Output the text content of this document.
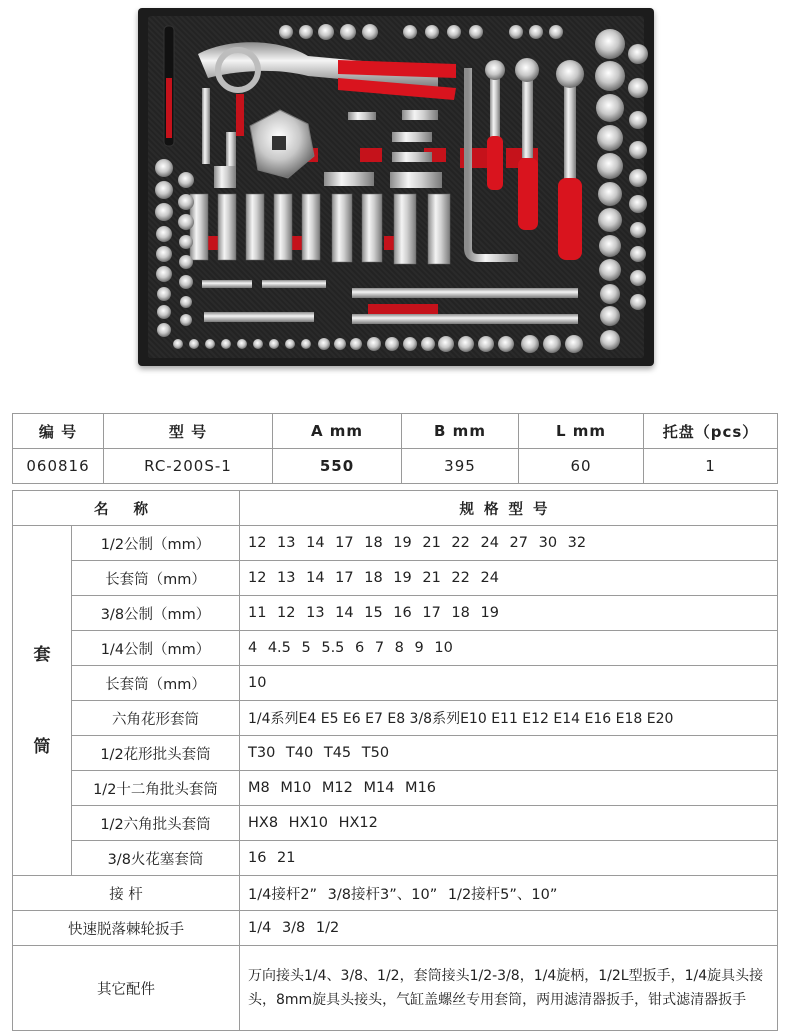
编 号	型 号	A mm	B mm	L mm	托盘（pcs）
060816	RC-200S-1	550	395	60	1
名 称		规格型号

套
筒	1/2公制（mm）	12 13 14 17 18 19 21 22 24 27 30 32
	长套筒（mm）	12 13 14 17 18 19 21 22 24
	3/8公制（mm）	11 12 13 14 15 16 17 18 19
	1/4公制（mm）	4 4.5 5 5.5 6 7 8 9 10
	长套筒（mm）	10
	六角花形套筒	1/4系列E4 E5 E6 E7 E8 3/8系列E10 E11 E12 E14 E16 E18 E20
	1/2花形批头套筒	T30 T40 T45 T50
	1/2十二角批头套筒	M8 M10 M12 M14 M16
	1/2六角批头套筒	HX8 HX10 HX12
	3/8火花塞套筒	16 21
接 杆		1/4接杆2” 3/8接杆3”、10” 1/2接杆5”、10”
快速脱落棘轮扳手		1/4 3/8 1/2
其它配件		万向接头1/4、3/8、1/2，套筒接头1/2-3/8，1/4旋柄，1/2L型扳手，1/4旋具头接头，8mm旋具头接头，气缸盖螺丝专用套筒，两用滤清器扳手，钳式滤清器扳手
